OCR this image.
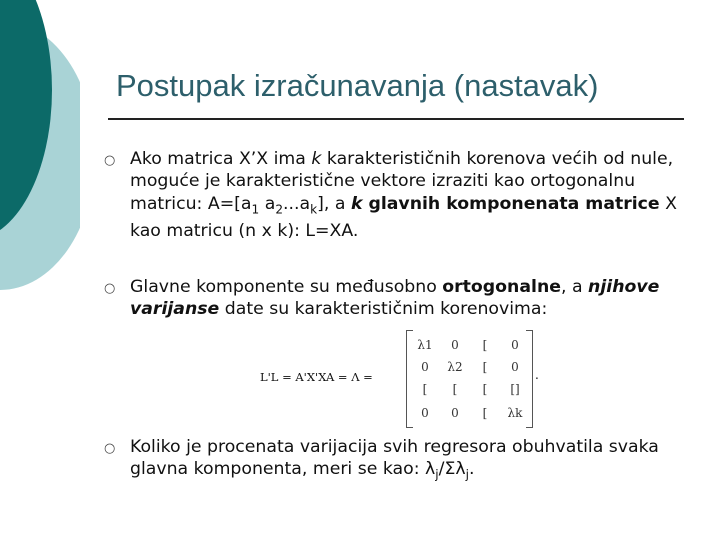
Postupak izračunavanja (nastavak)
○ Ako matrica X’X ima k karakterističnih korenova većih od nule, moguće je karakteristične vektore izraziti kao ortogonalnu matricu: $A=[a_1$ $a_2...a_k$], a k glavnih komponenata matrice X kao matricu (n x k): L=XA.
○ Glavne komponente su međusobno ortogonalne, a njihove varijanse date su karakterističnim korenovima:
L'L = A'X'XA = Λ =
λ1	0	[	0
0	λ2	[	0
[	[	[	[]
0	0	[	λk
.
○ Koliko je procenata varijacija svih regresora obuhvatila svaka glavna komponenta, meri se kao: $\lambda_j/\Sigma\lambda_j$.
